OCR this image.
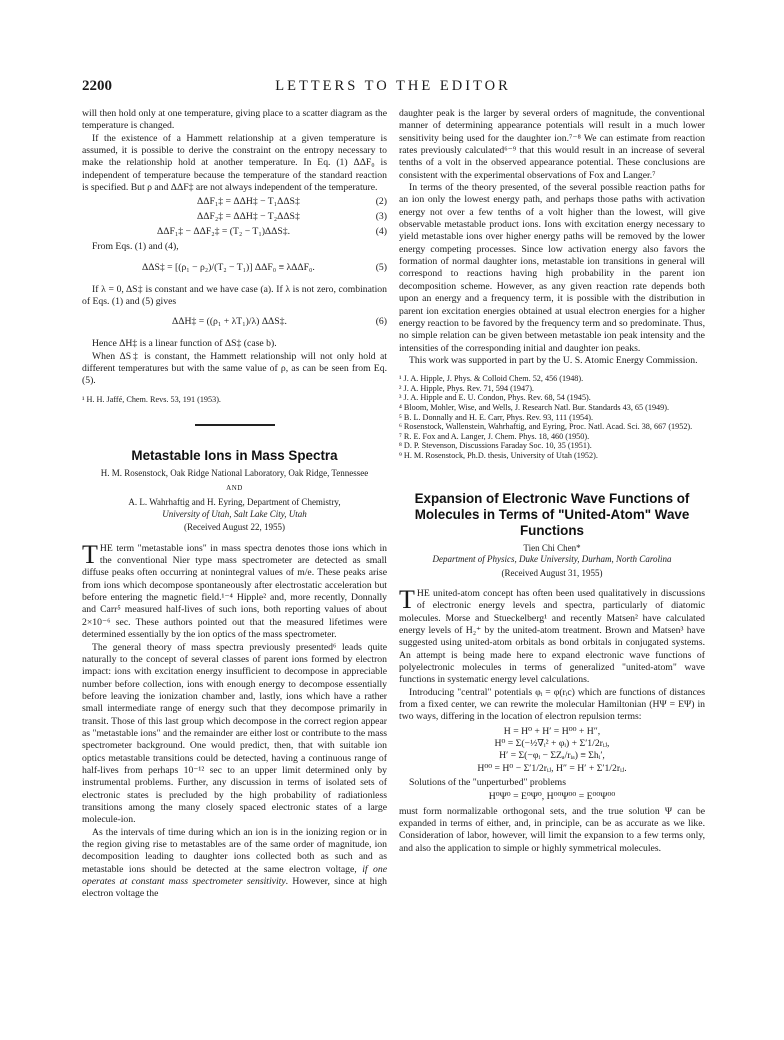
LETTERS TO THE EDITOR
2200

will then hold only at one temperature, giving place to a scatter diagram as the temperature is changed.

If the existence of a Hammett relationship at a given temperature is assumed, it is possible to derive the constraint on the entropy necessary to make the relationship hold at another temperature. In Eq. (1) ΔΔF₀ is independent of temperature because the temperature of the standard reaction is specified. But ρ and ΔΔF‡ are not always independent of the temperature.

ΔΔF₁‡ = ΔΔH‡ − T₁ΔΔS‡	(2)
ΔΔF₂‡ = ΔΔH‡ − T₂ΔΔS‡	(3)
ΔΔF₁‡ − ΔΔF₂‡ = (T₂ − T₁)ΔΔS‡.	(4)

From Eqs. (1) and (4),

ΔΔS‡ = [(ρ₁ − ρ₂)/(T₂ − T₁)] ΔΔF₀ ≡ λΔΔF₀.	(5)

If λ = 0, ΔS‡ is constant and we have case (a). If λ is not zero, combination of Eqs. (1) and (5) gives

ΔΔH‡ = ((ρ₁ + λT₁)/λ) ΔΔS‡.	(6)

Hence ΔH‡ is a linear function of ΔS‡ (case b).

When ΔS‡ is constant, the Hammett relationship will not only hold at different temperatures but with the same value of ρ, as can be seen from Eq. (5).

¹ H. H. Jaffé, Chem. Revs. 53, 191 (1953).

Metastable Ions in Mass Spectra
H. M. Rosenstock, Oak Ridge National Laboratory, Oak Ridge, Tennessee
AND
A. L. Wahrhaftig and H. Eyring, Department of Chemistry,
University of Utah, Salt Lake City, Utah
(Received August 22, 1955)

THE term "metastable ions" in mass spectra denotes those ions which in the conventional Nier type mass spectrometer are detected as small diffuse peaks often occurring at nonintegral values of m/e. These peaks arise from ions which decompose spontaneously after electrostatic acceleration but before entering the magnetic field.¹⁻⁴ Hipple² and, more recently, Donnally and Carr⁵ measured half-lives of such ions, both reporting values of about 2×10⁻⁶ sec. These authors pointed out that the measured lifetimes were determined essentially by the ion optics of the mass spectrometer.

The general theory of mass spectra previously presented⁶ leads quite naturally to the concept of several classes of parent ions formed by electron impact: ions with excitation energy insufficient to decompose in appreciable number before collection, ions with enough energy to decompose essentially before leaving the ionization chamber and, lastly, ions which have a rather small intermediate range of energy such that they decompose primarily in transit. Those of this last group which decompose in the correct region appear as "metastable ions" and the remainder are either lost or contribute to the mass spectrometer background. One would predict, then, that with suitable ion optics metastable transitions could be detected, having a continuous range of half-lives from perhaps 10⁻¹² sec to an upper limit determined only by instrumental problems. Further, any discussion in terms of isolated sets of electronic states is precluded by the high probability of radiationless transitions among the many closely spaced electronic states of a large molecule-ion.

As the intervals of time during which an ion is in the ionizing region or in the region giving rise to metastables are of the same order of magnitude, ion decomposition leading to daughter ions collected both as such and as metastable ions should be detected at the same electron voltage, if one operates at constant mass spectrometer sensitivity. However, since at high electron voltage the

daughter peak is the larger by several orders of magnitude, the conventional manner of determining appearance potentials will result in a much lower sensitivity being used for the daughter ion.⁷⁻⁸ We can estimate from reaction rates previously calculated⁶⁻⁹ that this would result in an increase of several tenths of a volt in the observed appearance potential. These conclusions are consistent with the experimental observations of Fox and Langer.⁷

In terms of the theory presented, of the several possible reaction paths for an ion only the lowest energy path, and perhaps those paths with activation energy not over a few tenths of a volt higher than the lowest, will give observable metastable product ions. Ions with excitation energy necessary to yield metastable ions over higher energy paths will be removed by the lower energy competing processes. Since low activation energy also favors the formation of normal daughter ions, metastable ion transitions in general will correspond to reactions having high probability in the parent ion decomposition scheme. However, as any given reaction rate depends both upon an energy and a frequency term, it is possible with the distribution in parent ion excitation energies obtained at usual electron energies for a higher energy reaction to be favored by the frequency term and so predominate. Thus, no simple relation can be given between metastable ion peak intensity and the intensities of the corresponding initial and daughter ion peaks.

This work was supported in part by the U. S. Atomic Energy Commission.

¹ J. A. Hipple, J. Phys. & Colloid Chem. 52, 456 (1948).

² J. A. Hipple, Phys. Rev. 71, 594 (1947).

³ J. A. Hipple and E. U. Condon, Phys. Rev. 68, 54 (1945).

⁴ Bloom, Mohler, Wise, and Wells, J. Research Natl. Bur. Standards 43, 65 (1949).

⁵ B. L. Donnally and H. E. Carr, Phys. Rev. 93, 111 (1954).

⁶ Rosenstock, Wallenstein, Wahrhaftig, and Eyring, Proc. Natl. Acad. Sci. 38, 667 (1952).

⁷ R. E. Fox and A. Langer, J. Chem. Phys. 18, 460 (1950).

⁸ D. P. Stevenson, Discussions Faraday Soc. 10, 35 (1951).

⁹ H. M. Rosenstock, Ph.D. thesis, University of Utah (1952).

Expansion of Electronic Wave Functions of Molecules in Terms of "United-Atom" Wave Functions
Tien Chi Chen*
Department of Physics, Duke University, Durham, North Carolina
(Received August 31, 1955)

THE united-atom concept has often been used qualitatively in discussions of electronic energy levels and spectra, particularly of diatomic molecules. Morse and Stueckelberg¹ and recently Matsen² have calculated energy levels of H₂⁺ by the united-atom treatment. Brown and Matsen³ have suggested using united-atom orbitals as bond orbitals in conjugated systems. An attempt is being made here to expand electronic wave functions of polyelectronic molecules in terms of generalized "united-atom" wave functions in systematic energy level calculations.

Introducing "central" potentials φᵢ = φ(rᵢc) which are functions of distances from a fixed center, we can rewrite the molecular Hamiltonian (HΨ = EΨ) in two ways, differing in the location of electron repulsion terms:

H = H⁰ + H′ = H⁰⁰ + H″,
H⁰ = Σ(−½∇ᵢ² + φᵢ) + Σ′1/2rᵢⱼ,
H′ = Σ(−φᵢ − ΣZₐ/rᵢₐ) ≡ Σhᵢ′,
H⁰⁰ = H⁰ − Σ′1/2rᵢⱼ, H″ = H′ + Σ′1/2rᵢⱼ.

Solutions of the "unperturbed" problems

H⁰Ψ⁰ = E⁰Ψ⁰, H⁰⁰Ψ⁰⁰ = E⁰⁰Ψ⁰⁰

must form normalizable orthogonal sets, and the true solution Ψ can be expanded in terms of either, and, in principle, can be as accurate as we like. Consideration of labor, however, will limit the expansion to a few terms only, and also the application to simple or highly symmetrical molecules.
